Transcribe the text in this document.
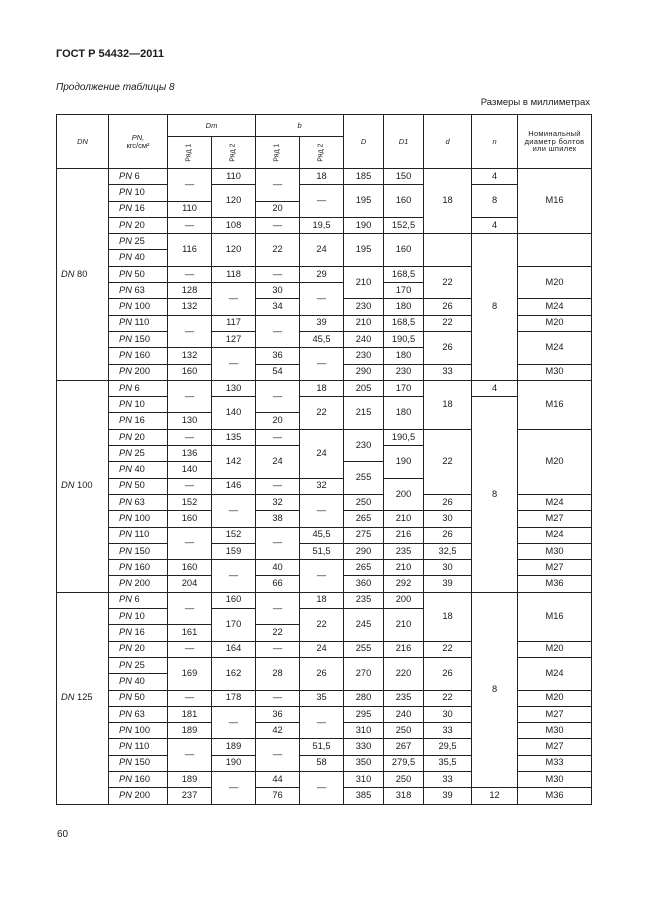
ГОСТ Р 54432—2011
Продолжение таблицы 8
Размеры в миллиметрах
DN	PN,
кгс/см²	Dm		b		D	D1	d	n	Номинальный диаметр болтов или шпилек
		Ряд 1	Ряд 2	Ряд 1	Ряд 2					
DN 80	PN 6	—	110	—	18	185	150	18	4	М16
	PN 10		120		—	195	160		8	
	PN 16	110		20						
	PN 20	—	108	—	19,5	190	152,5		4	
	PN 25	116	120	22	24	195	160		8	
	PN 40									
	PN 50	—	118	—	29	210	168,5	22		М20
	PN 63	128	—	30	—		170			
	PN 100	132		34		230	180	26		М24
	PN 110	—	117	—	39	210	168,5	22		М20
	PN 150		127		45,5	240	190,5	26		М24
	PN 160	132	—	36	—	230	180			
	PN 200	160		54		290	230	33		М30
DN 100	PN 6	—	130	—	18	205	170	18	4	М16
	PN 10		140		22	215	180		8	
	PN 16	130		20						
	PN 20	—	135	—	24	230	190,5	22		М20
	PN 25	136	142	24			190			
	PN 40	140				255				
	PN 50	—	146	—	32		200			
	PN 63	152	—	32	—	250		26		М24
	PN 100	160		38		265	210	30		М27
	PN 110	—	152	—	45,5	275	216	26		М24
	PN 150		159		51,5	290	235	32,5		М30
	PN 160	160	—	40	—	265	210	30		М27
	PN 200	204		66		360	292	39		М36
DN 125	PN 6	—	160	—	18	235	200	18	8	М16
	PN 10		170		22	245	210			
	PN 16	161		22						
	PN 20	—	164	—	24	255	216	22		М20
	PN 25	169	162	28	26	270	220	26		М24
	PN 40									
	PN 50	—	178	—	35	280	235	22		М20
	PN 63	181	—	36	—	295	240	30		М27
	PN 100	189		42		310	250	33		М30
	PN 110	—	189	—	51,5	330	267	29,5		М27
	PN 150		190		58	350	279,5	35,5		М33
	PN 160	189	—	44	—	310	250	33		М30
	PN 200	237		76		385	318	39	12	М36
60
